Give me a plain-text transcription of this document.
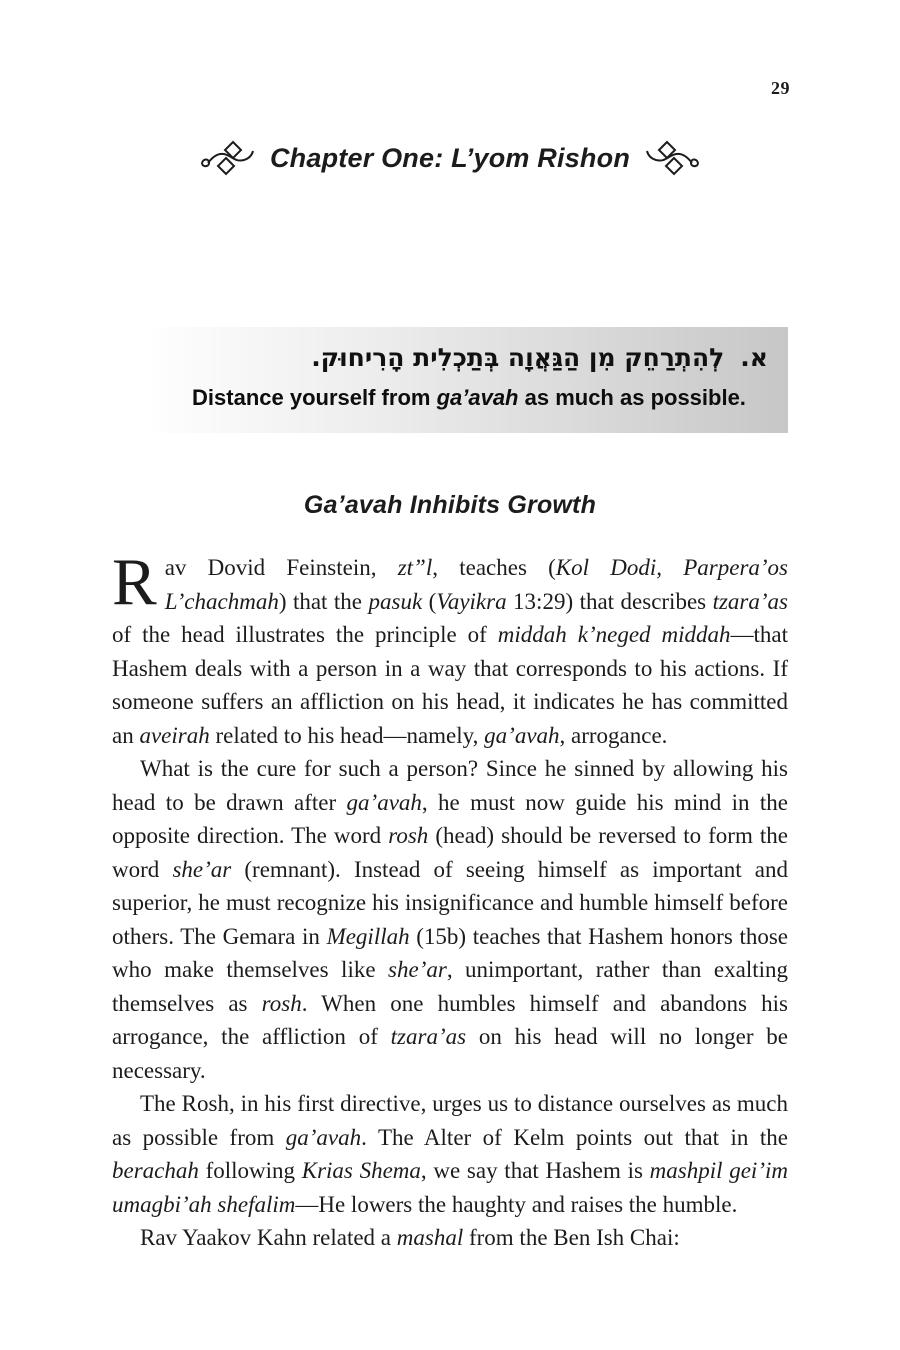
29
Chapter One: L’yom Rishon
א.לְהִתְרַחֵק מִן הַגַּאֲוָה בְּתַכְלִית הָרִיחוּק.
Distance yourself from ga’avah as much as possible.
Ga’avah Inhibits Growth

Rav Dovid Feinstein, zt”l, teaches (Kol Dodi, Parpera’os L’chachmah) that the pasuk (Vayikra 13:29) that describes tzara’as of the head illustrates the principle of middah k’neged middah—that Hashem deals with a person in a way that corresponds to his actions. If someone suffers an affliction on his head, it indicates he has committed an aveirah related to his head—namely, ga’avah, arrogance.

What is the cure for such a person? Since he sinned by allowing his head to be drawn after ga’avah, he must now guide his mind in the opposite direction. The word rosh (head) should be reversed to form the word she’ar (remnant). Instead of seeing himself as important and superior, he must recognize his insignificance and humble himself before others. The Gemara in Megillah (15b) teaches that Hashem honors those who make themselves like she’ar, unimportant, rather than exalting themselves as rosh. When one humbles himself and abandons his arrogance, the affliction of tzara’as on his head will no longer be necessary.

The Rosh, in his first directive, urges us to distance ourselves as much as possible from ga’avah. The Alter of Kelm points out that in the berachah following Krias Shema, we say that Hashem is mashpil gei’im umagbi’ah shefalim—He lowers the haughty and raises the humble.

Rav Yaakov Kahn related a mashal from the Ben Ish Chai:
